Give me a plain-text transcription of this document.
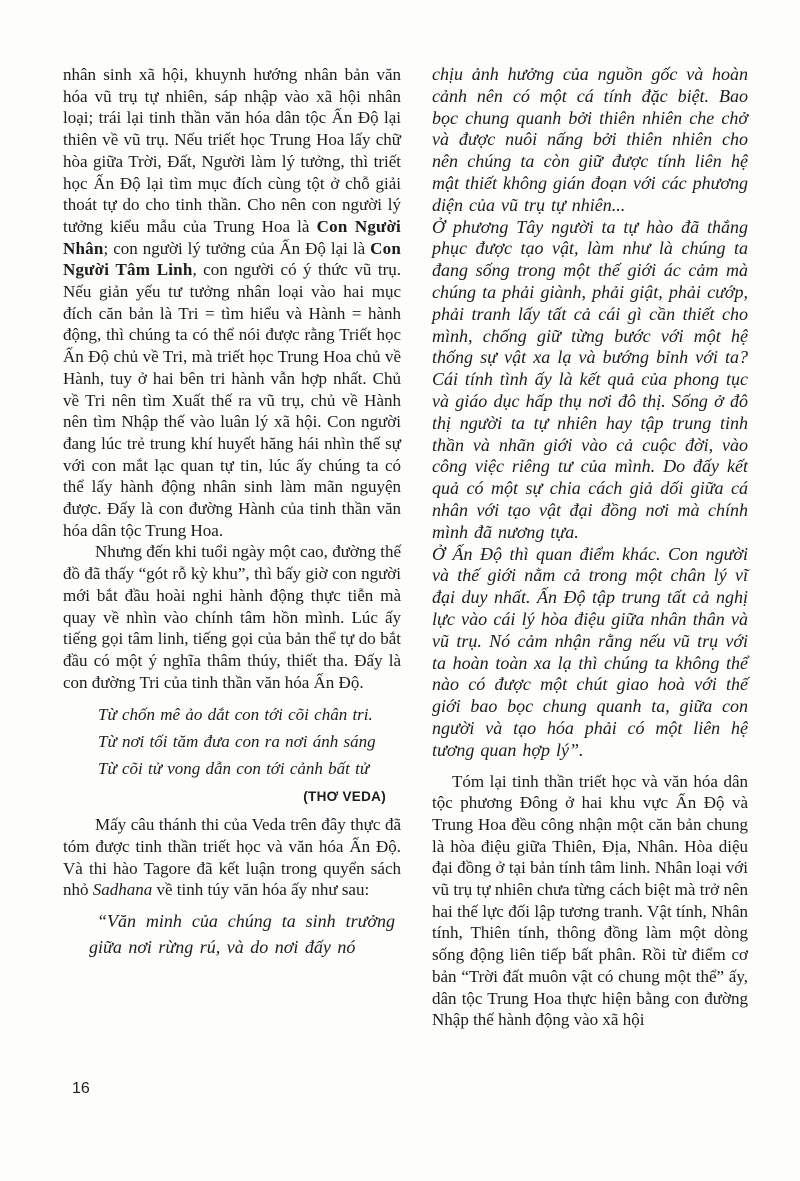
nhân sinh xã hội, khuynh hướng nhân bản văn hóa vũ trụ tự nhiên, sáp nhập vào xã hội nhân loại; trái lại tinh thần văn hóa dân tộc Ấn Độ lại thiên về vũ trụ. Nếu triết học Trung Hoa lấy chữ hòa giữa Trời, Đất, Người làm lý tưởng, thì triết học Ấn Độ lại tìm mục đích cùng tột ở chỗ giải thoát tự do cho tinh thần. Cho nên con người lý tưởng kiểu mẫu của Trung Hoa là Con Người Nhân; con người lý tưởng của Ấn Độ lại là Con Người Tâm Linh, con người có ý thức vũ trụ. Nếu giản yếu tư tưởng nhân loại vào hai mục đích căn bản là Tri = tìm hiểu và Hành = hành động, thì chúng ta có thể nói được rằng Triết học Ấn Độ chủ về Tri, mà triết học Trung Hoa chủ về Hành, tuy ở hai bên tri hành vẫn hợp nhất. Chủ về Tri nên tìm Xuất thế ra vũ trụ, chủ về Hành nên tìm Nhập thế vào luân lý xã hội. Con người đang lúc trẻ trung khí huyết hăng hái nhìn thế sự với con mắt lạc quan tự tin, lúc ấy chúng ta có thể lấy hành động nhân sinh làm mãn nguyện được. Đấy là con đường Hành của tinh thần văn hóa dân tộc Trung Hoa.

Nhưng đến khi tuổi ngày một cao, đường thế đồ đã thấy “gót rỗ kỳ khu”, thì bấy giờ con người mới bắt đầu hoài nghi hành động thực tiễn mà quay về nhìn vào chính tâm hồn mình. Lúc ấy tiếng gọi tâm linh, tiếng gọi của bản thể tự do bắt đầu có một ý nghĩa thâm thúy, thiết tha. Đấy là con đường Tri của tinh thần văn hóa Ấn Độ.

Từ chốn mê ảo dắt con tới cõi chân tri.
Từ nơi tối tăm đưa con ra nơi ánh sáng
Từ cõi tử vong dẫn con tới cảnh bất tử
(THƠ VEDA)

Mấy câu thánh thi của Veda trên đây thực đã tóm được tinh thần triết học và văn hóa Ấn Độ. Và thi hào Tagore đã kết luận trong quyển sách nhỏ Sadhana về tinh túy văn hóa ấy như sau:

“Văn minh của chúng ta sinh trưởng giữa nơi rừng rú, và do nơi đấy nó

chịu ảnh hưởng của nguồn gốc và hoàn cảnh nên có một cá tính đặc biệt. Bao bọc chung quanh bởi thiên nhiên che chở và được nuôi nấng bởi thiên nhiên cho nên chúng ta còn giữ được tính liên hệ mật thiết không gián đoạn với các phương diện của vũ trụ tự nhiên...

Ở phương Tây người ta tự hào đã thắng phục được tạo vật, làm như là chúng ta đang sống trong một thế giới ác cảm mà chúng ta phải giành, phải giật, phải cướp, phải tranh lấy tất cả cái gì cần thiết cho mình, chống giữ từng bước với một hệ thống sự vật xa lạ và bướng bỉnh với ta? Cái tính tình ấy là kết quả của phong tục và giáo dục hấp thụ nơi đô thị. Sống ở đô thị người ta tự nhiên hay tập trung tinh thần và nhãn giới vào cả cuộc đời, vào công việc riêng tư của mình. Do đấy kết quả có một sự chia cách giả dối giữa cá nhân với tạo vật đại đồng nơi mà chính mình đã nương tựa.

Ở Ấn Độ thì quan điểm khác. Con người và thế giới nằm cả trong một chân lý vĩ đại duy nhất. Ấn Độ tập trung tất cả nghị lực vào cái lý hòa điệu giữa nhân thân và vũ trụ. Nó cảm nhận rằng nếu vũ trụ với ta hoàn toàn xa lạ thì chúng ta không thể nào có được một chút giao hoà với thế giới bao bọc chung quanh ta, giữa con người và tạo hóa phải có một liên hệ tương quan hợp lý”.

Tóm lại tinh thần triết học và văn hóa dân tộc phương Đông ở hai khu vực Ấn Độ và Trung Hoa đều công nhận một căn bản chung là hòa điệu giữa Thiên, Địa, Nhân. Hòa diệu đại đồng ở tại bản tính tâm linh. Nhân loại với vũ trụ tự nhiên chưa từng cách biệt mà trở nên hai thế lực đối lập tương tranh. Vật tính, Nhân tính, Thiên tính, thông đồng làm một dòng sống động liên tiếp bất phân. Rồi từ điểm cơ bản “Trời đất muôn vật có chung một thể” ấy, dân tộc Trung Hoa thực hiện bằng con đường Nhập thế hành động vào xã hội

16
